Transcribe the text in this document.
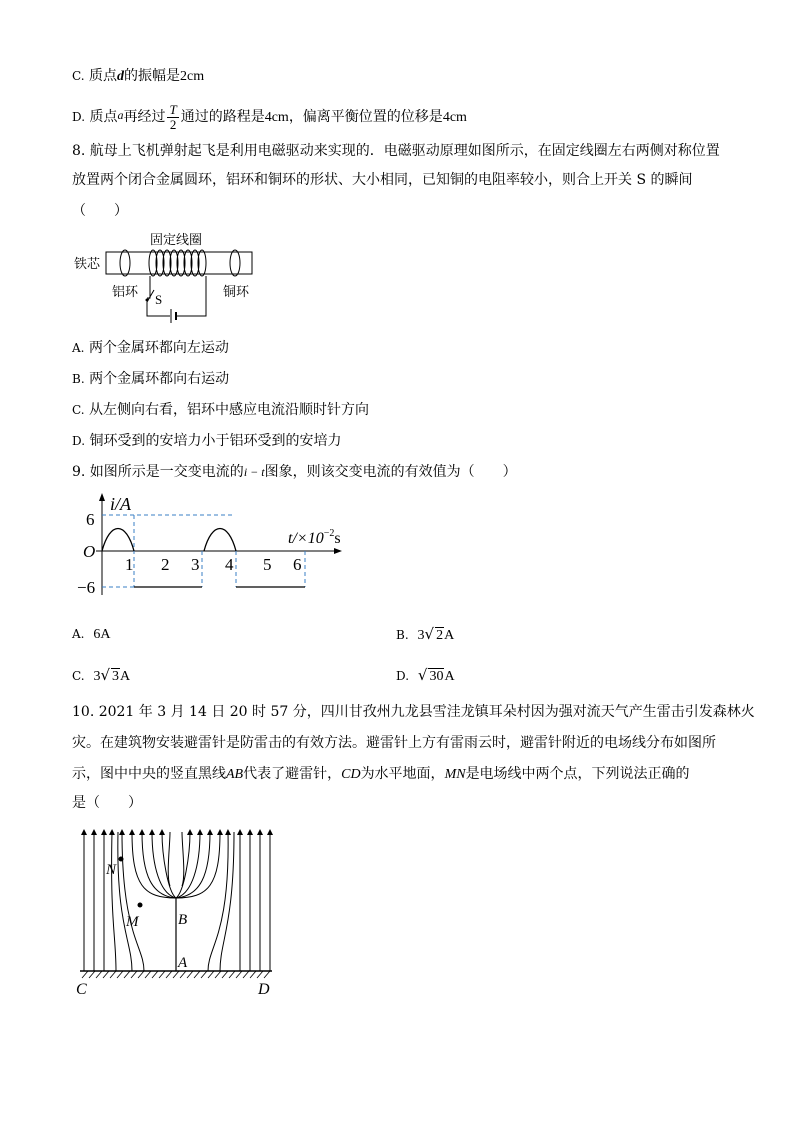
C. 质点d的振幅是2cm
D. 质点a再经过 $\frac{T}{2}$ 通过的路程是4cm，偏离平衡位置的位移是4cm
8. 航母上飞机弹射起飞是利用电磁驱动来实现的．电磁驱动原理如图所示，在固定线圈左右两侧对称位置
放置两个闭合金属圆环，铝环和铜环的形状、大小相同，已知铜的电阻率较小，则合上开关 S 的瞬间
（　　）
铁芯
固定线圈
S
铝环	铜环
A. 两个金属环都向左运动
B. 两个金属环都向右运动
C. 从左侧向右看，铝环中感应电流沿顺时针方向
D. 铜环受到的安培力小于铝环受到的安培力
9. 如图所示是一交变电流的i − t图象，则该交变电流的有效值为（　　）
i/A
$t/\times 10^{-2}s$
O
6
−6
1 2 3 4 5 6
A. 6A	B. 3√ 2A
C. 3√ 3A	D. √ 30A
10. 2021 年 3 月 14 日 20 时 57 分，四川甘孜州九龙县雪洼龙镇耳朵村因为强对流天气产生雷击引发森林火
灾。在建筑物安装避雷针是防雷击的有效方法。避雷针上方有雷雨云时，避雷针附近的电场线分布如图所
示，图中中央的竖直黑线AB代表了避雷针，CD为水平地面，MN是电场线中两个点，下列说法正确的
是（　　）
N
M	B
A
C	D
